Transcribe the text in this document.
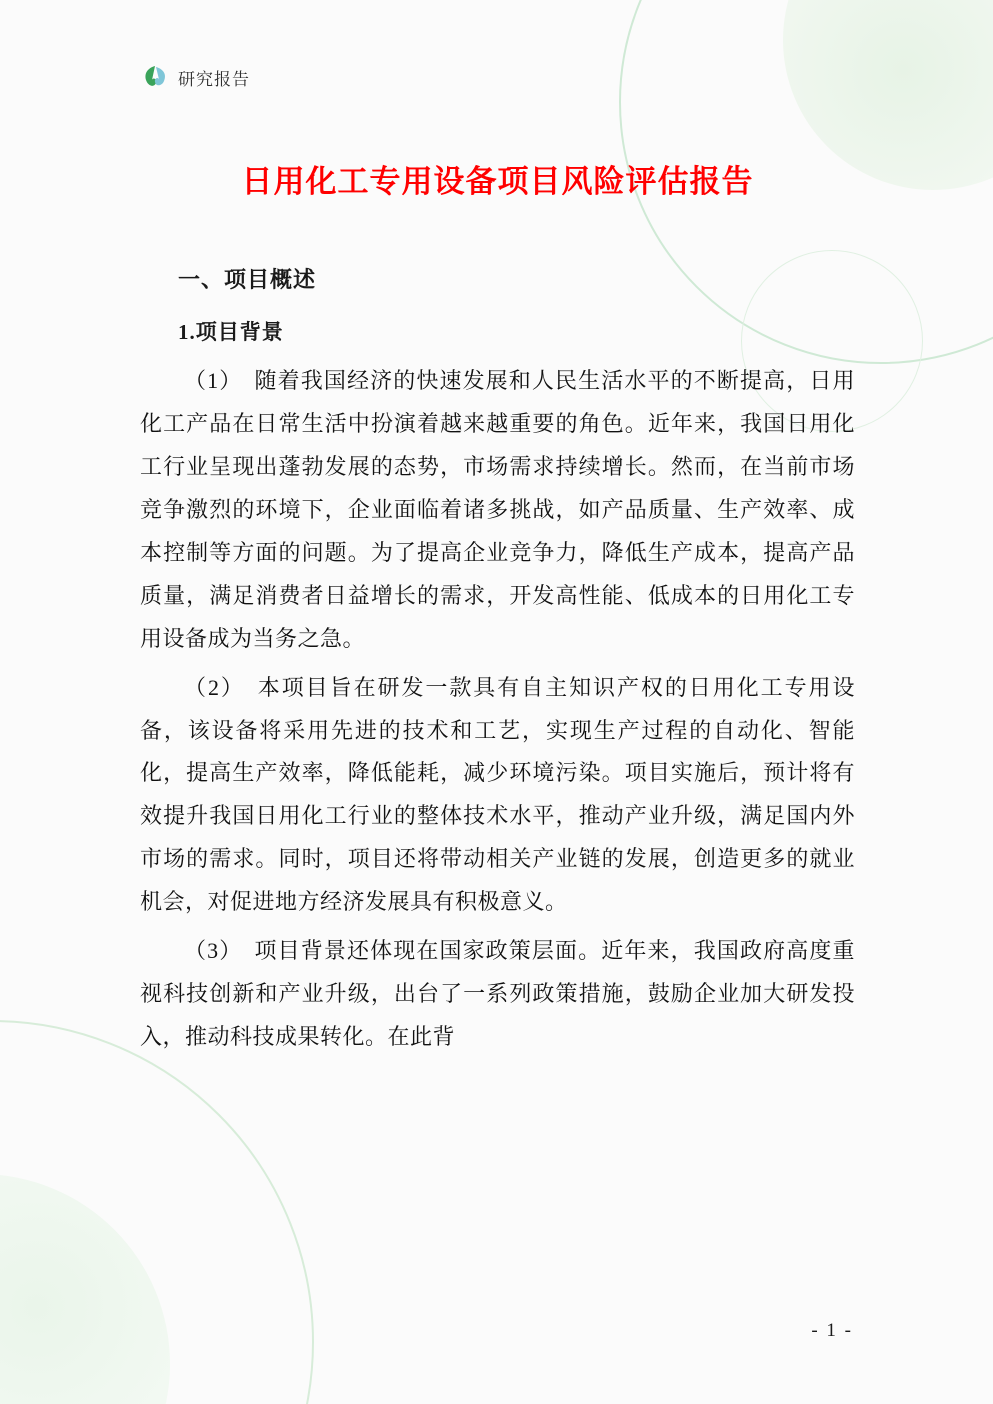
研究报告
日用化工专用设备项目风险评估报告
一、项目概述
1.项目背景

（1）　随着我国经济的快速发展和人民生活水平的不断提高，日用化工产品在日常生活中扮演着越来越重要的角色。近年来，我国日用化工行业呈现出蓬勃发展的态势，市场需求持续增长。然而，在当前市场竞争激烈的环境下，企业面临着诸多挑战，如产品质量、生产效率、成本控制等方面的问题。为了提高企业竞争力，降低生产成本，提高产品质量，满足消费者日益增长的需求，开发高性能、低成本的日用化工专用设备成为当务之急。

（2）　本项目旨在研发一款具有自主知识产权的日用化工专用设备，该设备将采用先进的技术和工艺，实现生产过程的自动化、智能化，提高生产效率，降低能耗，减少环境污染。项目实施后，预计将有效提升我国日用化工行业的整体技术水平，推动产业升级，满足国内外市场的需求。同时，项目还将带动相关产业链的发展，创造更多的就业机会，对促进地方经济发展具有积极意义。

（3）　项目背景还体现在国家政策层面。近年来，我国政府高度重视科技创新和产业升级，出台了一系列政策措施，鼓励企业加大研发投入，推动科技成果转化。在此背

- 1 -
